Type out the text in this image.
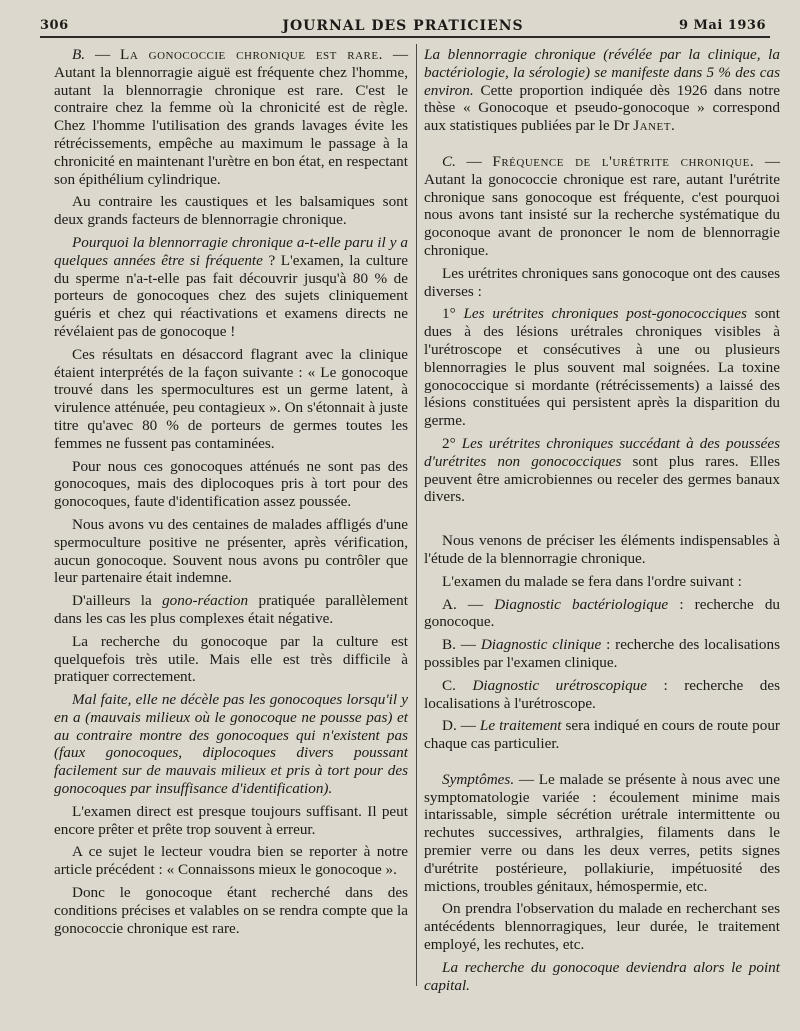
306	JOURNAL DES PRATICIENS	9 Mai 1936

B. — La gonococcie chronique est rare. — Autant la blennorragie aiguë est fréquente chez l'homme, autant la blennorragie chronique est rare. C'est le contraire chez la femme où la chronicité est de règle. Chez l'homme l'utilisation des grands lavages évite les rétrécissements, empêche au maximum le passage à la chronicité en maintenant l'urètre en bon état, en respectant son épithélium cylindrique.

Au contraire les caustiques et les balsamiques sont deux grands facteurs de blennorragie chronique.

Pourquoi la blennorragie chronique a-t-elle paru il y a quelques années être si fréquente ? L'examen, la culture du sperme n'a-t-elle pas fait découvrir jusqu'à 80 % de porteurs de gonocoques chez des sujets cliniquement guéris et chez qui réactivations et examens directs ne révélaient pas de gonocoque !

Ces résultats en désaccord flagrant avec la clinique étaient interprétés de la façon suivante : « Le gonocoque trouvé dans les spermocultures est un germe latent, à virulence atténuée, peu contagieux ». On s'étonnait à juste titre qu'avec 80 % de porteurs de germes toutes les femmes ne fussent pas contaminées.

Pour nous ces gonocoques atténués ne sont pas des gonocoques, mais des diplocoques pris à tort pour des gonocoques, faute d'identification assez poussée.

Nous avons vu des centaines de malades affligés d'une spermoculture positive ne présenter, après vérification, aucun gonocoque. Souvent nous avons pu contrôler que leur partenaire était indemne.

D'ailleurs la gono-réaction pratiquée parallèlement dans les cas les plus complexes était négative.

La recherche du gonocoque par la culture est quelquefois très utile. Mais elle est très difficile à pratiquer correctement.

Mal faite, elle ne décèle pas les gonocoques lorsqu'il y en a (mauvais milieux où le gonocoque ne pousse pas) et au contraire montre des gonocoques qui n'existent pas (faux gonocoques, diplocoques divers poussant facilement sur de mauvais milieux et pris à tort pour des gonocoques par insuffisance d'identification).

L'examen direct est presque toujours suffisant. Il peut encore prêter et prête trop souvent à erreur.

A ce sujet le lecteur voudra bien se reporter à notre article précédent : « Connaissons mieux le gonocoque ».

Donc le gonocoque étant recherché dans des conditions précises et valables on se rendra compte que la gonococcie chronique est rare.

La blennorragie chronique (révélée par la clinique, la bactériologie, la sérologie) se manifeste dans 5 % des cas environ. Cette proportion indiquée dès 1926 dans notre thèse « Gonocoque et pseudo-gonocoque » correspond aux statistiques publiées par le Dr Janet.

C. — Fréquence de l'urétrite chronique. — Autant la gonococcie chronique est rare, autant l'urétrite chronique sans gonocoque est fréquente, c'est pourquoi nous avons tant insisté sur la recherche systématique du goconoque avant de prononcer le nom de blennorragie chronique.

Les urétrites chroniques sans gonocoque ont des causes diverses :

1° Les urétrites chroniques post-gonococciques sont dues à des lésions urétrales chroniques visibles à l'urétroscope et consécutives à une ou plusieurs blennorragies le plus souvent mal soignées. La toxine gonococcique si mordante (rétrécissements) a laissé des lésions constituées qui persistent après la disparition du germe.

2° Les urétrites chroniques succédant à des poussées d'urétrites non gonococciques sont plus rares. Elles peuvent être amicrobiennes ou receler des germes banaux divers.

Nous venons de préciser les éléments indispensables à l'étude de la blennorragie chronique.

L'examen du malade se fera dans l'ordre suivant :

A. — Diagnostic bactériologique : recherche du gonocoque.

B. — Diagnostic clinique : recherche des localisations possibles par l'examen clinique.

C. Diagnostic urétroscopique : recherche des localisations à l'urétroscope.

D. — Le traitement sera indiqué en cours de route pour chaque cas particulier.

Symptômes. — Le malade se présente à nous avec une symptomatologie variée : écoulement minime mais intarissable, simple sécrétion urétrale intermittente ou rechutes successives, arthralgies, filaments dans le premier verre ou dans les deux verres, petits signes d'urétrite postérieure, pollakiurie, impétuosité des mictions, troubles génitaux, hémospermie, etc.

On prendra l'observation du malade en recherchant ses antécédents blennorragiques, leur durée, le traitement employé, les rechutes, etc.

La recherche du gonocoque deviendra alors le point capital.
